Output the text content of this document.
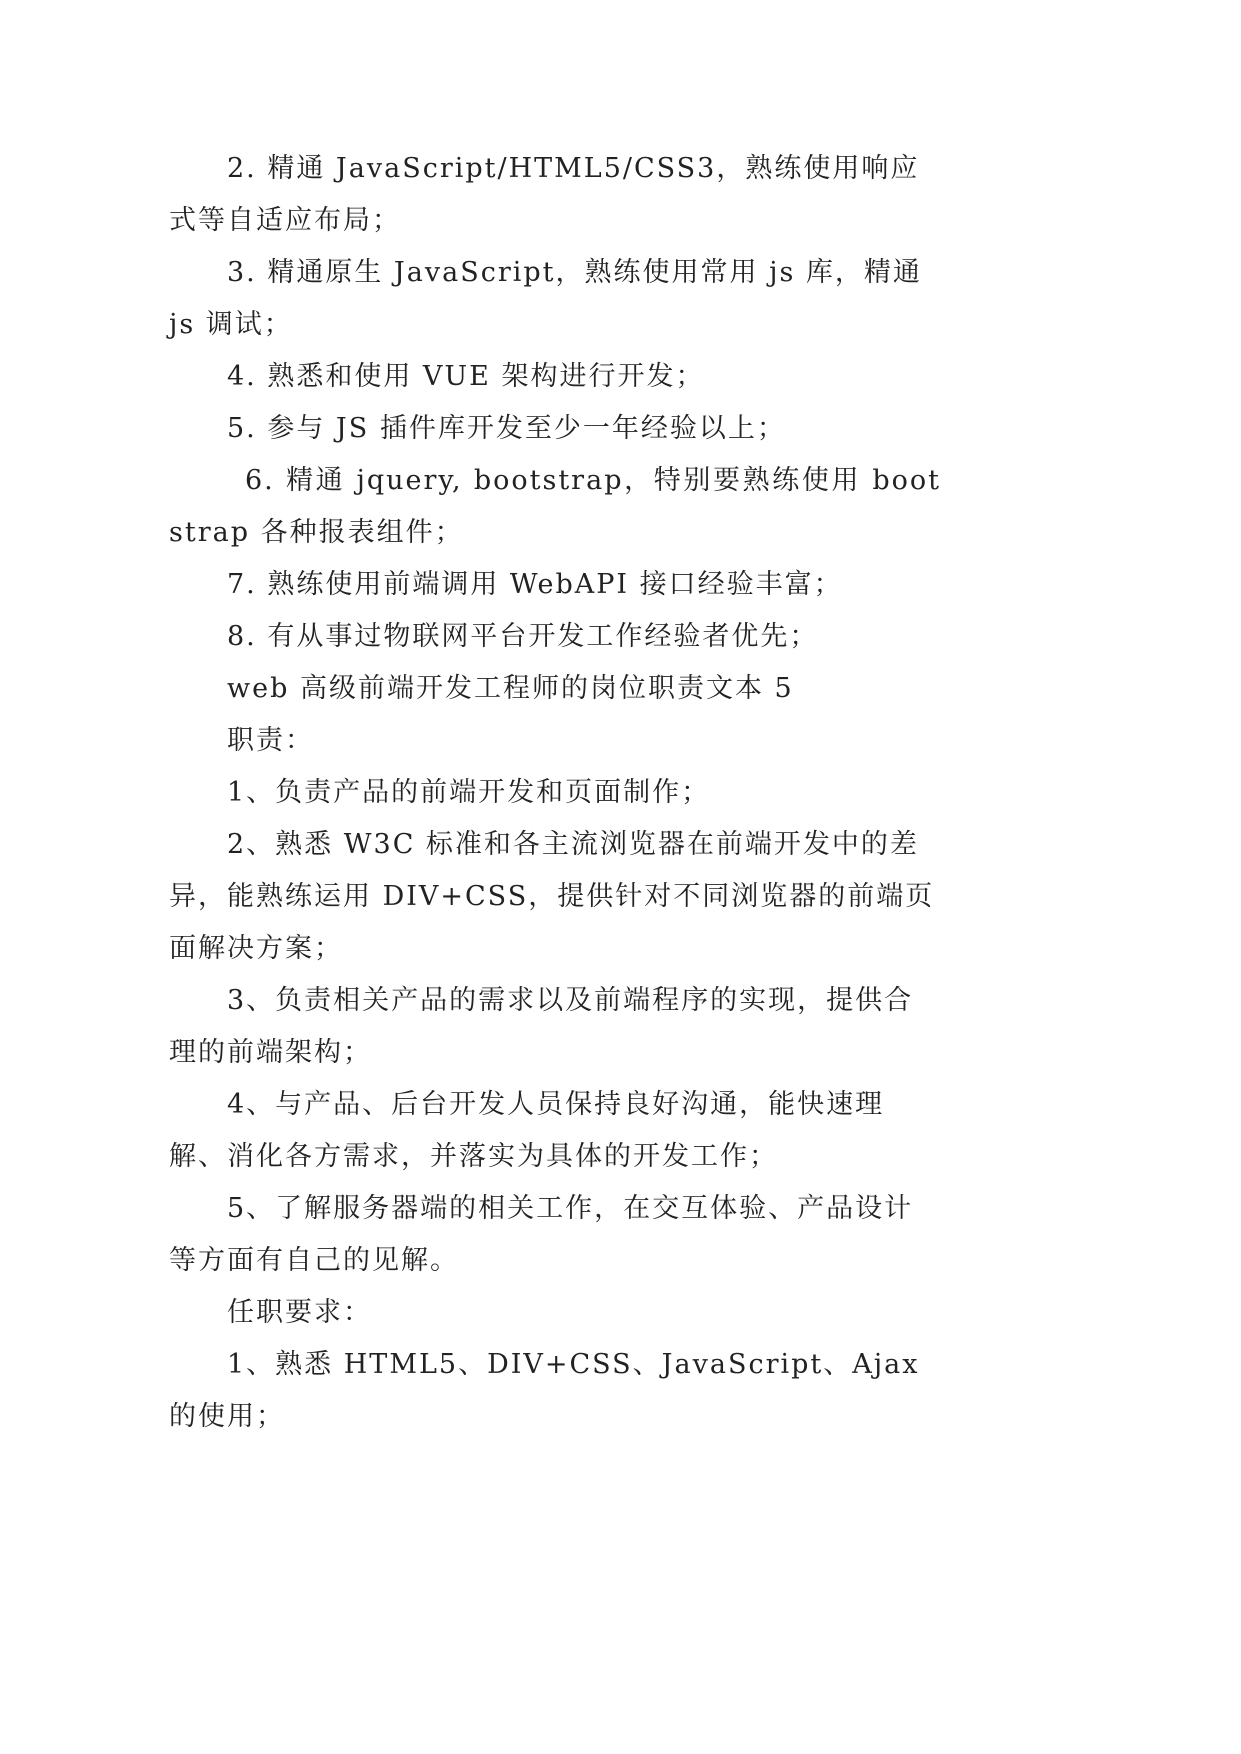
2. 精通 JavaScript/HTML5/CSS3，熟练使用响应式等自适应布局；

3. 精通原生 JavaScript，熟练使用常用 js 库，精通 js 调试；

4. 熟悉和使用 VUE 架构进行开发；

5. 参与 JS 插件库开发至少一年经验以上；

6. 精通 jquery, bootstrap，特别要熟练使用 bootstrap 各种报表组件；

7. 熟练使用前端调用 WebAPI 接口经验丰富；

8. 有从事过物联网平台开发工作经验者优先；

web 高级前端开发工程师的岗位职责文本 5

职责：

1、负责产品的前端开发和页面制作；

2、熟悉 W3C 标准和各主流浏览器在前端开发中的差异，能熟练运用 DIV+CSS，提供针对不同浏览器的前端页面解决方案；

3、负责相关产品的需求以及前端程序的实现，提供合理的前端架构；

4、与产品、后台开发人员保持良好沟通，能快速理解、消化各方需求，并落实为具体的开发工作；

5、了解服务器端的相关工作，在交互体验、产品设计等方面有自己的见解。

任职要求：

1、熟悉 HTML5、DIV+CSS、JavaScript、Ajax 的使用；
